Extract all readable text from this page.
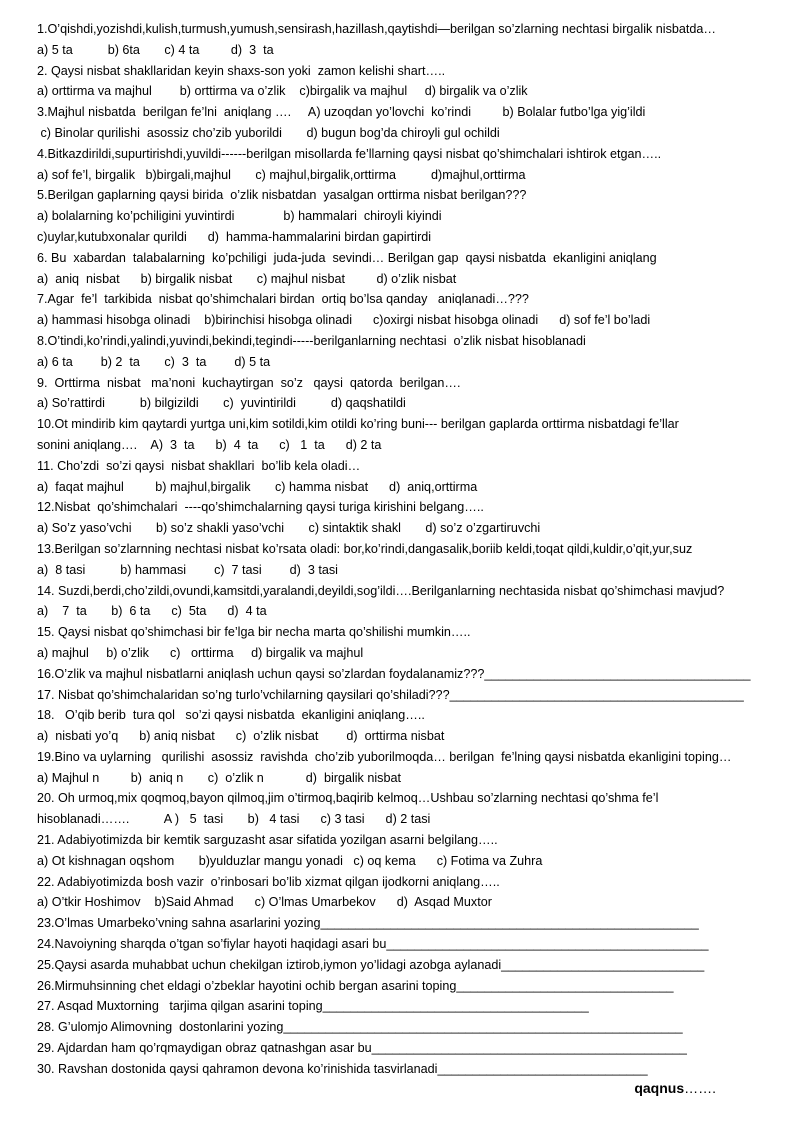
1.O’qishdi,yozishdi,kulish,turmush,yumush,sensirash,hazillash,qaytishdi—berilgan so’zlarning nechtasi birgalik nisbatda…
a) 5 ta          b) 6ta       c) 4 ta         d)  3  ta
2. Qaysi nisbat shakllaridan keyin shaxs-son yoki  zamon kelishi shart…..
a) orttirma va majhul        b) orttirma va o’zlik    c)birgalik va majhul     d) birgalik va o’zlik
3.Majhul nisbatda  berilgan fe’lni  aniqlang ….     A) uzoqdan yo’lovchi  ko’rindi         b) Bolalar futbo’lga yig’ildi
c) Binolar qurilishi  asossiz cho’zib yuborildi       d) bugun bog’da chiroyli gul ochildi
4.Bitkazdirildi,supurtirishdi,yuvildi------berilgan misollarda fe’llarning qaysi nisbat qo’shimchalari ishtirok etgan…..
a) sof fe’l, birgalik   b)birgali,majhul       c) majhul,birgalik,orttirma          d)majhul,orttirma
5.Berilgan gaplarning qaysi birida  o’zlik nisbatdan  yasalgan orttirma nisbat berilgan???
a) bolalarning ko’pchiligini yuvintirdi              b) hammalari  chiroyli kiyindi
c)uylar,kutubxonalar qurildi      d)  hamma-hammalarini birdan gapirtirdi
6. Bu  xabardan  talabalarning  ko’pchiligi  juda-juda  sevindi… Berilgan gap  qaysi nisbatda  ekanligini aniqlang
a)  aniq  nisbat      b) birgalik nisbat       c) majhul nisbat         d) o’zlik nisbat
7.Agar  fe’l  tarkibida  nisbat qo’shimchalari birdan  ortiq bo’lsa qanday   aniqlanadi…???
a) hammasi hisobga olinadi    b)birinchisi hisobga olinadi      c)oxirgi nisbat hisobga olinadi      d) sof fe’l bo’ladi
8.O’tindi,ko’rindi,yalindi,yuvindi,bekindi,tegindi-----berilganlarning nechtasi  o’zlik nisbat hisoblanadi
a) 6 ta        b) 2  ta       c)  3  ta        d) 5 ta
9.  Orttirma  nisbat   ma’noni  kuchaytirgan  so’z   qaysi  qatorda  berilgan….
a) So’rattirdi          b) bilgizildi       c)  yuvintirildi          d) qaqshatildi
10.Ot mindirib kim qaytardi yurtga uni,kim sotildi,kim otildi ko’ring buni--- berilgan gaplarda orttirma nisbatdagi fe’llar
sonini aniqlang….    A)  3  ta      b)  4  ta      c)   1  ta      d) 2 ta
11. Cho’zdi  so’zi qaysi  nisbat shakllari  bo’lib kela oladi…
a)  faqat majhul         b) majhul,birgalik       c) hamma nisbat      d)  aniq,orttirma
12.Nisbat  qo’shimchalari  ----qo’shimchalarning qaysi turiga kirishini belgang…..
a) So’z yaso’vchi       b) so’z shakli yaso’vchi       c) sintaktik shakl       d) so’z o’zgartiruvchi
13.Berilgan so’zlarnning nechtasi nisbat ko’rsata oladi: bor,ko’rindi,dangasalik,boriib keldi,toqat qildi,kuldir,o’qit,yur,suz
a)  8 tasi          b) hammasi        c)  7 tasi        d)  3 tasi
14. Suzdi,berdi,cho’zildi,ovundi,kamsitdi,yaralandi,deyildi,sog’ildi….Berilganlarning nechtasida nisbat qo’shimchasi mavjud?
a)    7  ta       b)  6 ta      c)  5ta      d)  4 ta
15. Qaysi nisbat qo’shimchasi bir fe’lga bir necha marta qo’shilishi mumkin…..
a) majhul     b) o’zlik      c)   orttirma     d) birgalik va majhul
16.O’zlik va majhul nisbatlarni aniqlash uchun qaysi so’zlardan foydalanamiz???______________________________________
17. Nisbat qo’shimchalaridan so’ng turlo’vchilarning qaysilari qo’shiladi???__________________________________________
18.   O’qib berib  tura qol   so’zi qaysi nisbatda  ekanligini aniqlang…..
a)  nisbati yo’q      b) aniq nisbat      c)  o’zlik nisbat        d)  orttirma nisbat
19.Bino va uylarning   qurilishi  asossiz  ravishda  cho’zib yuborilmoqda… berilgan  fe’lning qaysi nisbatda ekanligini toping…
a) Majhul n         b)  aniq n       c)  o’zlik n            d)  birgalik nisbat
20. Oh urmoq,mix qoqmoq,bayon qilmoq,jim o’tirmoq,baqirib kelmoq…Ushbau so’zlarning nechtasi qo’shma fe’l
hisoblanadi…….          A )   5  tasi       b)   4 tasi      c) 3 tasi      d) 2 tasi
21. Adabiyotimizda bir kemtik sarguzasht asar sifatida yozilgan asarni belgilang…..
a) Ot kishnagan oqshom       b)yulduzlar mangu yonadi   c) oq kema      c) Fotima va Zuhra
22. Adabiyotimizda bosh vazir  o’rinbosari bo’lib xizmat qilgan ijodkorni aniqlang…..
a) O’tkir Hoshimov    b)Said Ahmad      c) O’lmas Umarbekov      d)  Asqad Muxtor
23.O’lmas Umarbeko’vning sahna asarlarini yozing______________________________________________________
24.Navoiyning sharqda o’tgan so’fiylar hayoti haqidagi asari bu______________________________________________
25.Qaysi asarda muhabbat uchun chekilgan iztirob,iymon yo’lidagi azobga aylanadi_____________________________
26.Mirmuhsinning chet eldagi o’zbeklar hayotini ochib bergan asarini toping_______________________________
27. Asqad Muxtorning   tarjima qilgan asarini toping______________________________________
28. G’ulomjo Alimovning  dostonlarini yozing_________________________________________________________
29. Ajdardan ham qo’rqmaydigan obraz qatnashgan asar bu_____________________________________________
30. Ravshan dostonida qaysi qahramon devona ko’rinishida tasvirlanadi______________________________
qaqnus…….
